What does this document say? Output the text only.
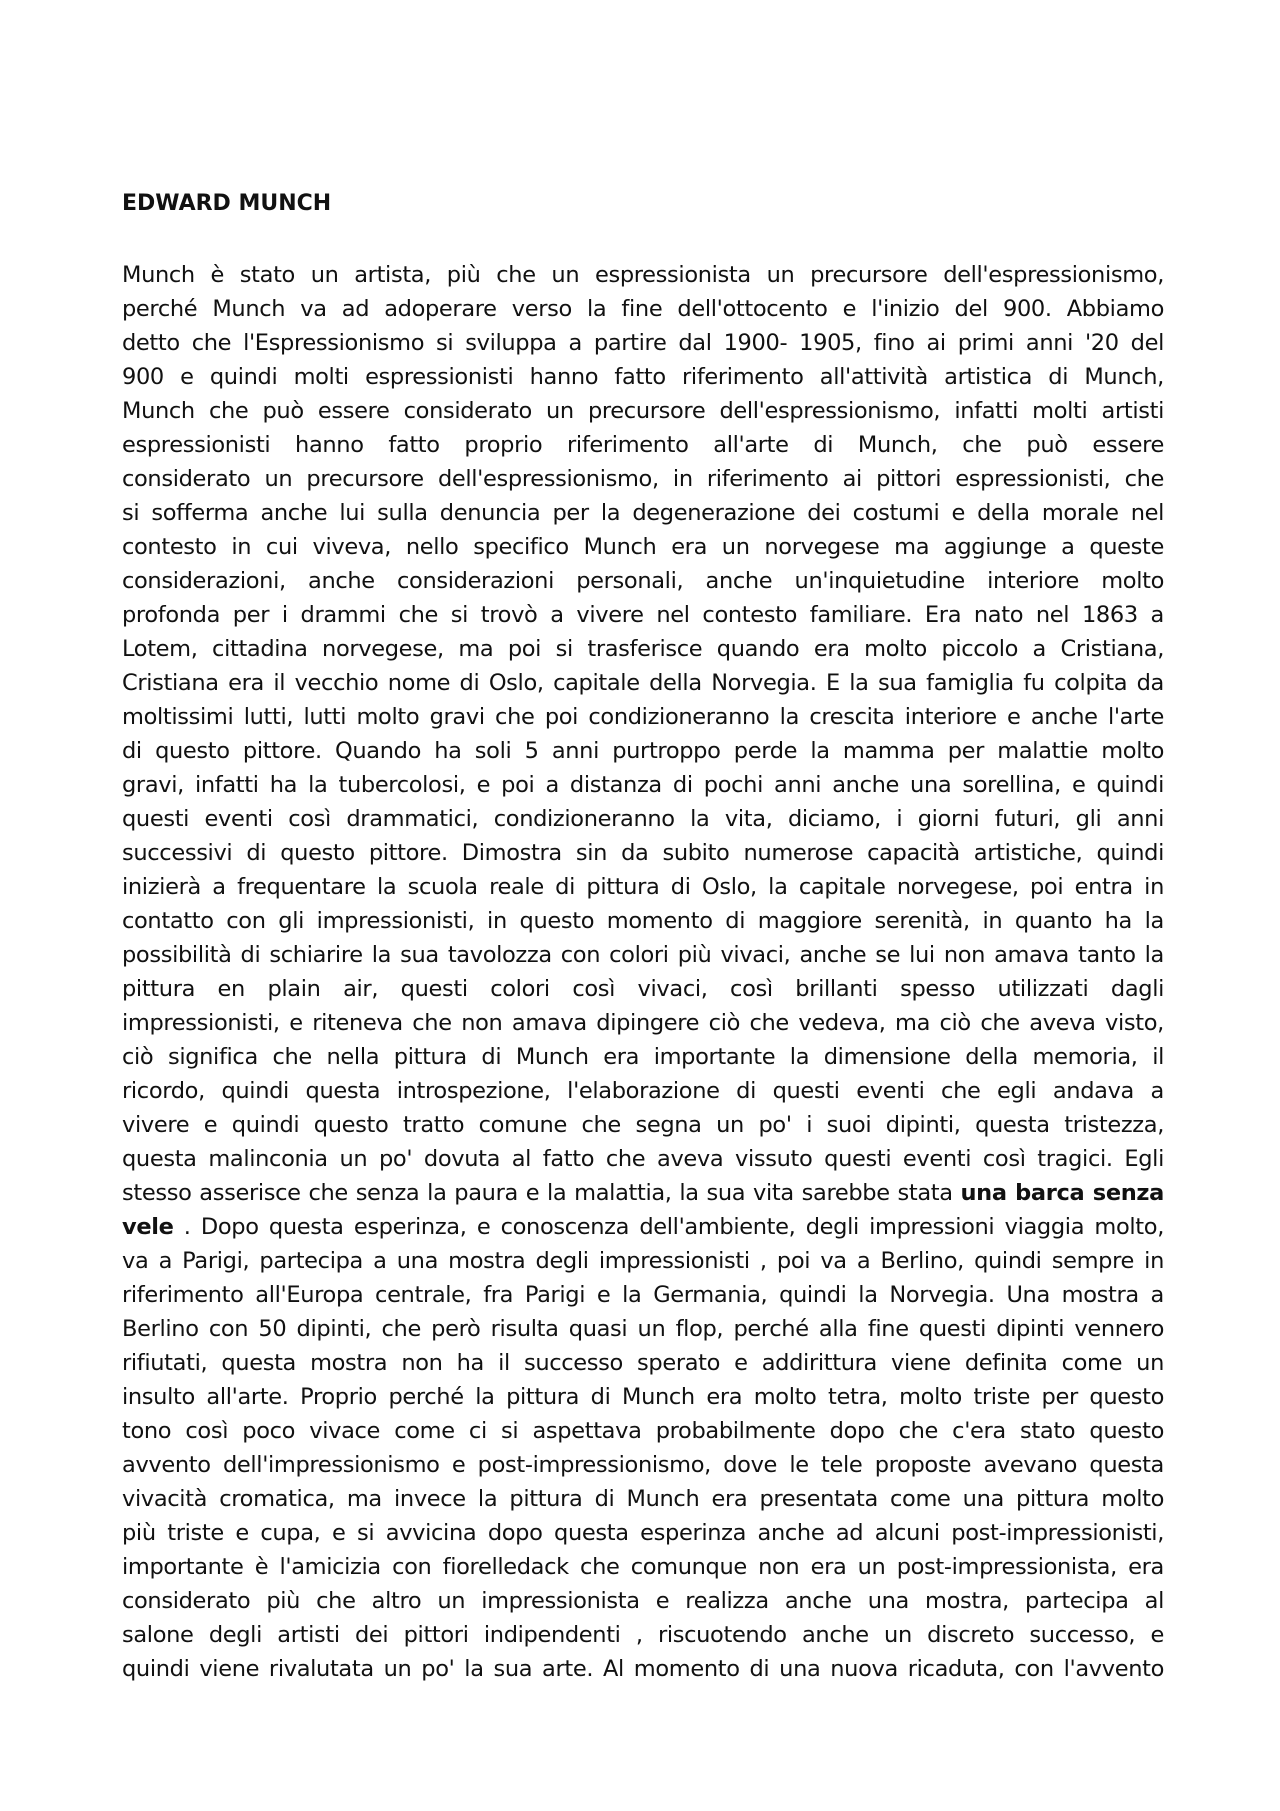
EDWARD MUNCH
Munch è stato un artista, più che un espressionista un precursore dell'espressionismo,
perché Munch va ad adoperare verso la fine dell'ottocento e l'inizio del 900. Abbiamo
detto che l'Espressionismo si sviluppa a partire dal 1900- 1905, fino ai primi anni '20 del
900 e quindi molti espressionisti hanno fatto riferimento all'attività artistica di Munch,
Munch che può essere considerato un precursore dell'espressionismo, infatti molti artisti
espressionisti hanno fatto proprio riferimento all'arte di Munch, che può essere
considerato un precursore dell'espressionismo, in riferimento ai pittori espressionisti, che
si sofferma anche lui sulla denuncia per la degenerazione dei costumi e della morale nel
contesto in cui viveva, nello specifico Munch era un norvegese ma aggiunge a queste
considerazioni, anche considerazioni personali, anche un'inquietudine interiore molto
profonda per i drammi che si trovò a vivere nel contesto familiare. Era nato nel 1863 a
Lotem, cittadina norvegese, ma poi si trasferisce quando era molto piccolo a Cristiana,
Cristiana era il vecchio nome di Oslo, capitale della Norvegia. E la sua famiglia fu colpita da
moltissimi lutti, lutti molto gravi che poi condizioneranno la crescita interiore e anche l'arte
di questo pittore. Quando ha soli 5 anni purtroppo perde la mamma per malattie molto
gravi, infatti ha la tubercolosi, e poi a distanza di pochi anni anche una sorellina, e quindi
questi eventi così drammatici, condizioneranno la vita, diciamo, i giorni futuri, gli anni
successivi di questo pittore. Dimostra sin da subito numerose capacità artistiche, quindi
inizierà a frequentare la scuola reale di pittura di Oslo, la capitale norvegese, poi entra in
contatto con gli impressionisti, in questo momento di maggiore serenità, in quanto ha la
possibilità di schiarire la sua tavolozza con colori più vivaci, anche se lui non amava tanto la
pittura en plain air, questi colori così vivaci, così brillanti spesso utilizzati dagli
impressionisti, e riteneva che non amava dipingere ciò che vedeva, ma ciò che aveva visto,
ciò significa che nella pittura di Munch era importante la dimensione della memoria, il
ricordo, quindi questa introspezione, l'elaborazione di questi eventi che egli andava a
vivere e quindi questo tratto comune che segna un po' i suoi dipinti, questa tristezza,
questa malinconia un po' dovuta al fatto che aveva vissuto questi eventi così tragici. Egli
stesso asserisce che senza la paura e la malattia, la sua vita sarebbe stata una barca senza
vele . Dopo questa esperinza, e conoscenza dell'ambiente, degli impressioni viaggia molto,
va a Parigi, partecipa a una mostra degli impressionisti , poi va a Berlino, quindi sempre in
riferimento all'Europa centrale, fra Parigi e la Germania, quindi la Norvegia. Una mostra a
Berlino con 50 dipinti, che però risulta quasi un flop, perché alla fine questi dipinti vennero
rifiutati, questa mostra non ha il successo sperato e addirittura viene definita come un
insulto all'arte. Proprio perché la pittura di Munch era molto tetra, molto triste per questo
tono così poco vivace come ci si aspettava probabilmente dopo che c'era stato questo
avvento dell'impressionismo e post-impressionismo, dove le tele proposte avevano questa
vivacità cromatica, ma invece la pittura di Munch era presentata come una pittura molto
più triste e cupa, e si avvicina dopo questa esperinza anche ad alcuni post-impressionisti,
importante è l'amicizia con fiorelledack che comunque non era un post-impressionista, era
considerato più che altro un impressionista e realizza anche una mostra, partecipa al
salone degli artisti dei pittori indipendenti , riscuotendo anche un discreto successo, e
quindi viene rivalutata un po' la sua arte. Al momento di una nuova ricaduta, con l'avvento
